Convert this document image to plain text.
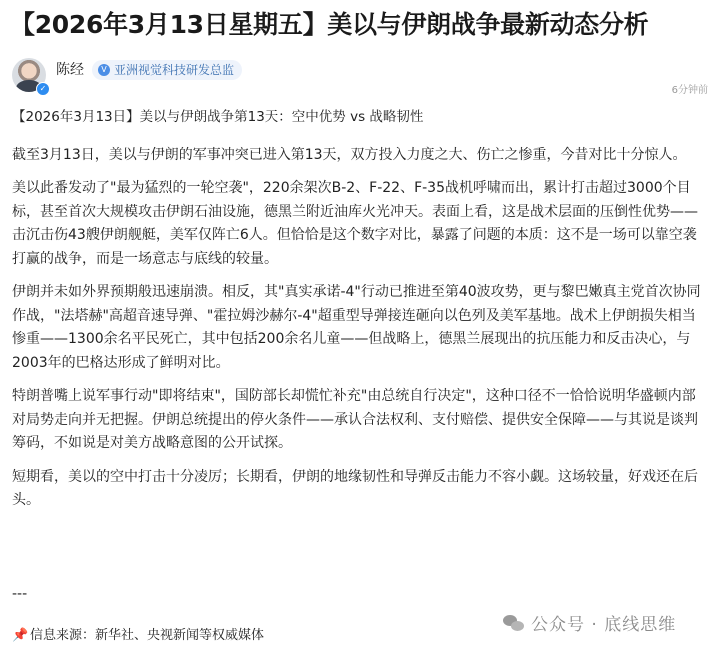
【2026年3月13日星期五】美以与伊朗战争最新动态分析
✓
陈经	V 亚洲视觉科技研发总监
6分钟前

【2026年3月13日】美以与伊朗战争第13天：空中优势 vs 战略韧性

截至3月13日，美以与伊朗的军事冲突已进入第13天，双方投入力度之大、伤亡之惨重，今昔对比十分惊人。

美以此番发动了"最为猛烈的一轮空袭"，220余架次B-2、F-22、F-35战机呼啸而出，累计打击超过3000个目标，甚至首次大规模攻击伊朗石油设施，德黑兰附近油库火光冲天。表面上看，这是战术层面的压倒性优势——击沉击伤43艘伊朗舰艇，美军仅阵亡6人。但恰恰是这个数字对比，暴露了问题的本质：这不是一场可以靠空袭打赢的战争，而是一场意志与底线的较量。

伊朗并未如外界预期般迅速崩溃。相反，其"真实承诺-4"行动已推进至第40波攻势，更与黎巴嫩真主党首次协同作战，"法塔赫"高超音速导弹、"霍拉姆沙赫尔-4"超重型导弹接连砸向以色列及美军基地。战术上伊朗损失相当惨重——1300余名平民死亡，其中包括200余名儿童——但战略上，德黑兰展现出的抗压能力和反击决心，与2003年的巴格达形成了鲜明对比。

特朗普嘴上说军事行动"即将结束"，国防部长却慌忙补充"由总统自行决定"，这种口径不一恰恰说明华盛顿内部对局势走向并无把握。伊朗总统提出的停火条件——承认合法权利、支付赔偿、提供安全保障——与其说是谈判筹码，不如说是对美方战略意图的公开试探。

短期看，美以的空中打击十分凌厉；长期看，伊朗的地缘韧性和导弹反击能力不容小觑。这场较量，好戏还在后头。

---
公众号 · 底线思维
📌 信息来源：新华社、央视新闻等权威媒体
